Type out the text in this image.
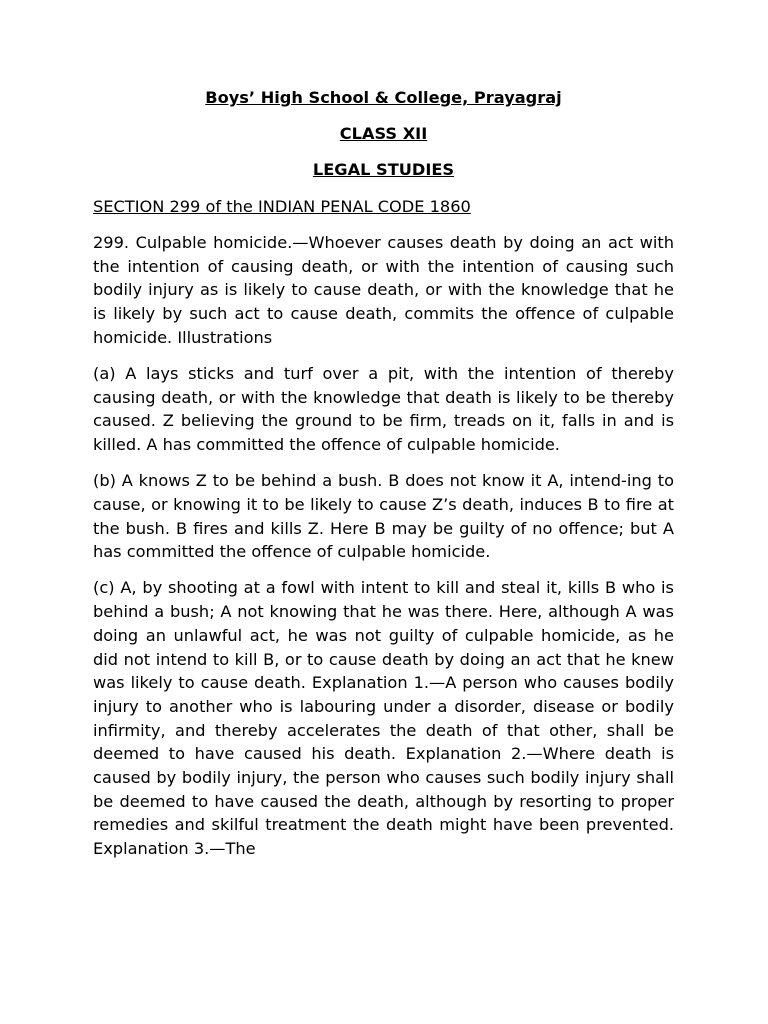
Boys’ High School & College, Prayagraj
CLASS XII
LEGAL STUDIES
SECTION 299 of the INDIAN PENAL CODE 1860

299. Culpable homicide.—Whoever causes death by doing an act with the intention of causing death, or with the intention of causing such bodily injury as is likely to cause death, or with the knowledge that he is likely by such act to cause death, commits the offence of culpable homicide. Illustrations

(a) A lays sticks and turf over a pit, with the intention of thereby causing death, or with the knowledge that death is likely to be thereby caused. Z believing the ground to be firm, treads on it, falls in and is killed. A has committed the offence of culpable homicide.

(b) A knows Z to be behind a bush. B does not know it A, intend-ing to cause, or knowing it to be likely to cause Z’s death, induces B to fire at the bush. B fires and kills Z. Here B may be guilty of no offence; but A has committed the offence of culpable homicide.

(c) A, by shooting at a fowl with intent to kill and steal it, kills B who is behind a bush; A not knowing that he was there. Here, although A was doing an unlawful act, he was not guilty of culpable homicide, as he did not intend to kill B, or to cause death by doing an act that he knew was likely to cause death. Explanation 1.—A person who causes bodily injury to another who is labouring under a disorder, disease or bodily infirmity, and thereby accelerates the death of that other, shall be deemed to have caused his death. Explanation 2.—Where death is caused by bodily injury, the person who causes such bodily injury shall be deemed to have caused the death, although by resorting to proper remedies and skilful treatment the death might have been prevented. Explanation 3.—The
